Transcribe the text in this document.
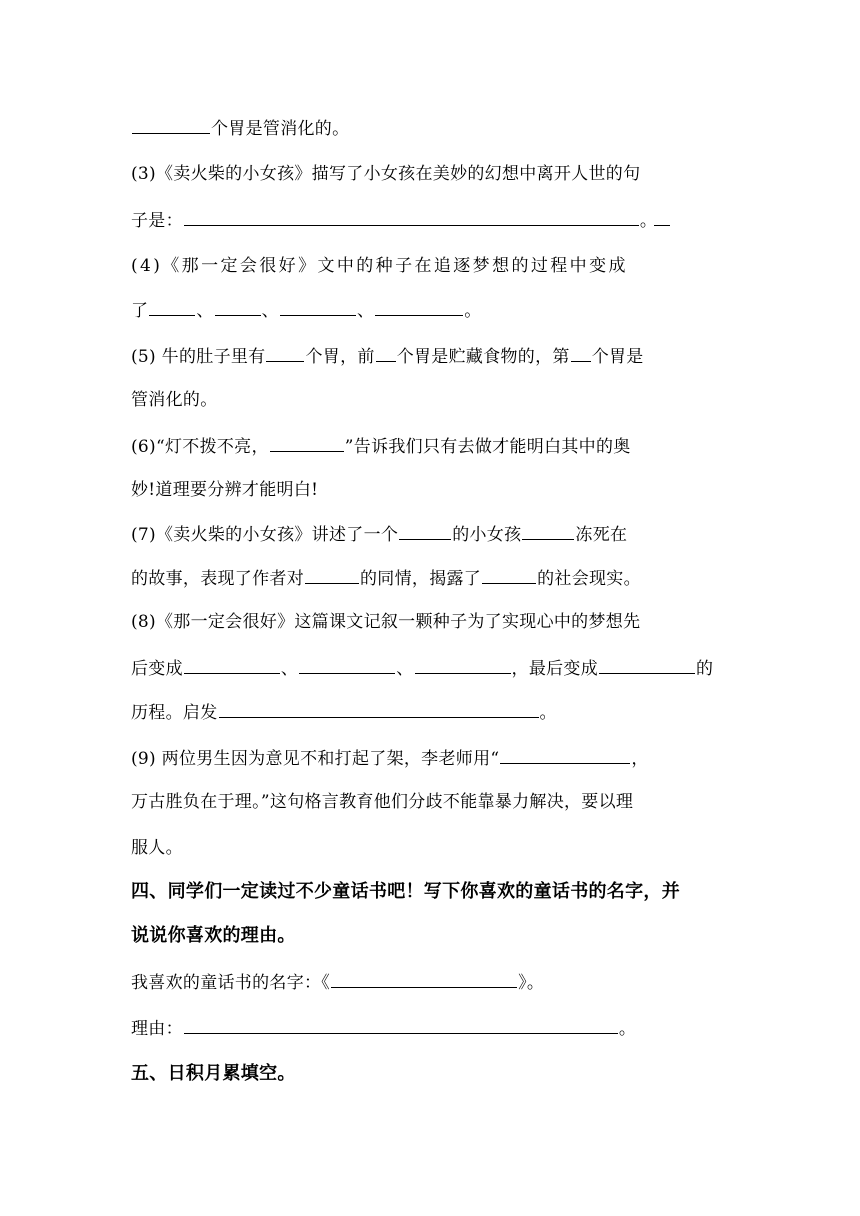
个胃是管消化的。
(3)《卖火柴的小女孩》描写了小女孩在美妙的幻想中离开人世的句
子是：	。
(4)《那一定会很好》文中的种子在追逐梦想的过程中变成
了	、	、	、	。
(5) 牛的肚子里有 个胃，前 个胃是贮藏食物的，第 个胃是
管消化的。
(6)“灯不拨不亮，	”告诉我们只有去做才能明白其中的奥
妙!道理要分辨才能明白!
(7)《卖火柴的小女孩》讲述了一个	的小女孩	冻死在
的故事，表现了作者对	的同情，揭露了	的社会现实。
(8)《那一定会很好》这篇课文记叙一颗种子为了实现心中的梦想先
后变成	、	、	，最后变成	的
历程。启发	。
(9) 两位男生因为意见不和打起了架，李老师用“	，
万古胜负在于理。”这句格言教育他们分歧不能靠暴力解决，要以理
服人。
四、同学们一定读过不少童话书吧！写下你喜欢的童话书的名字，并
说说你喜欢的理由。
我喜欢的童话书的名字：《	》。
理由：	。
五、日积月累填空。
